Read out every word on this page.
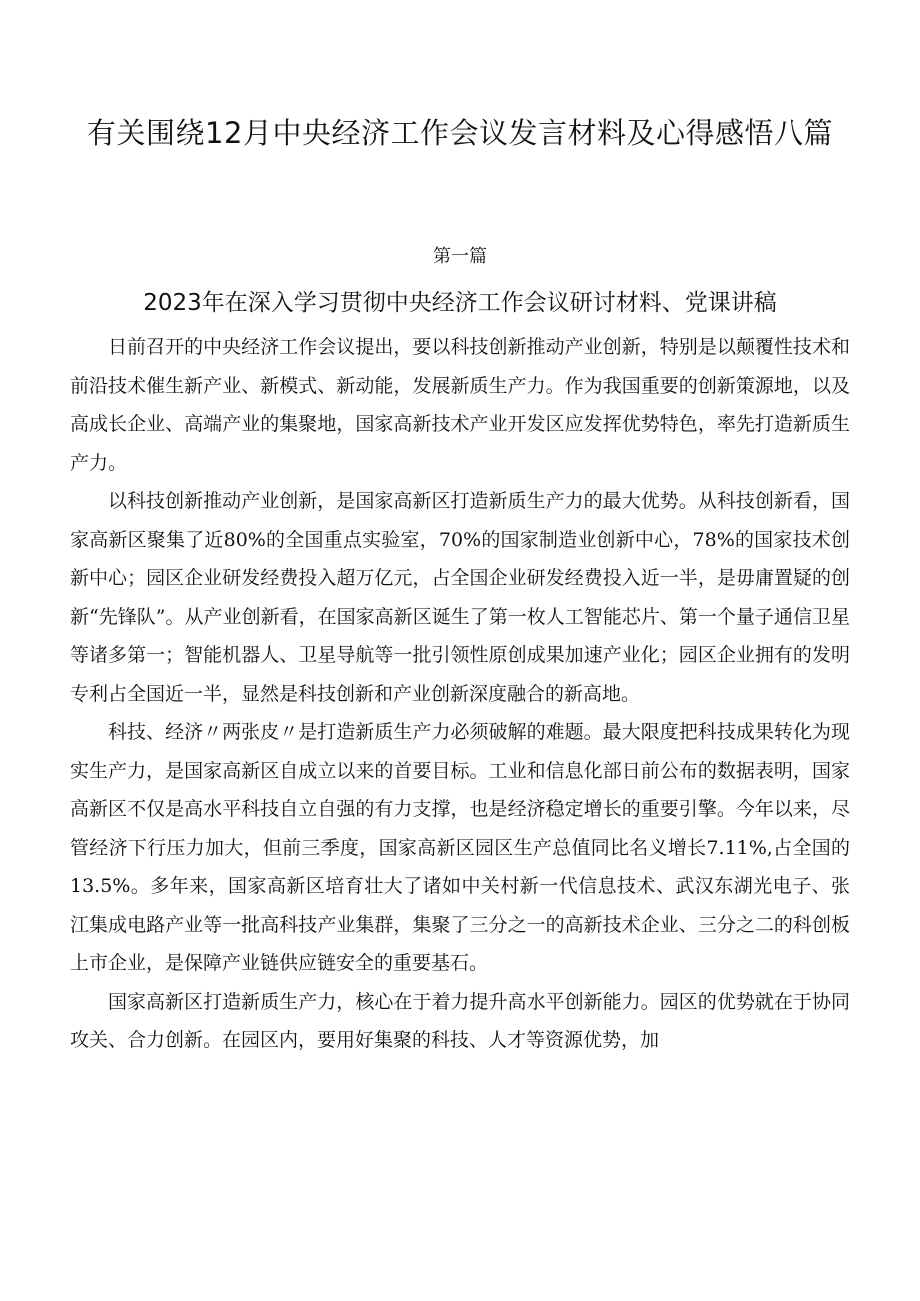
有关围绕12月中央经济工作会议发言材料及心得感悟八篇
第一篇
2023年在深入学习贯彻中央经济工作会议研讨材料、党课讲稿

日前召开的中央经济工作会议提出，要以科技创新推动产业创新，特别是以颠覆性技术和前沿技术催生新产业、新模式、新动能，发展新质生产力。作为我国重要的创新策源地，以及高成长企业、高端产业的集聚地，国家高新技术产业开发区应发挥优势特色，率先打造新质生产力。

以科技创新推动产业创新，是国家高新区打造新质生产力的最大优势。从科技创新看，国家高新区聚集了近80%的全国重点实验室，70%的国家制造业创新中心，78%的国家技术创新中心；园区企业研发经费投入超万亿元，占全国企业研发经费投入近一半，是毋庸置疑的创新“先锋队”。从产业创新看，在国家高新区诞生了第一枚人工智能芯片、第一个量子通信卫星等诸多第一；智能机器人、卫星导航等一批引领性原创成果加速产业化；园区企业拥有的发明专利占全国近一半，显然是科技创新和产业创新深度融合的新高地。

科技、经济〃两张皮〃是打造新质生产力必须破解的难题。最大限度把科技成果转化为现实生产力，是国家高新区自成立以来的首要目标。工业和信息化部日前公布的数据表明，国家高新区不仅是高水平科技自立自强的有力支撑，也是经济稳定增长的重要引擎。今年以来，尽管经济下行压力加大，但前三季度，国家高新区园区生产总值同比名义增长7.11%,占全国的13.5%。多年来，国家高新区培育壮大了诸如中关村新一代信息技术、武汉东湖光电子、张江集成电路产业等一批高科技产业集群，集聚了三分之一的高新技术企业、三分之二的科创板上市企业，是保障产业链供应链安全的重要基石。

国家高新区打造新质生产力，核心在于着力提升高水平创新能力。园区的优势就在于协同攻关、合力创新。在园区内，要用好集聚的科技、人才等资源优势，加
